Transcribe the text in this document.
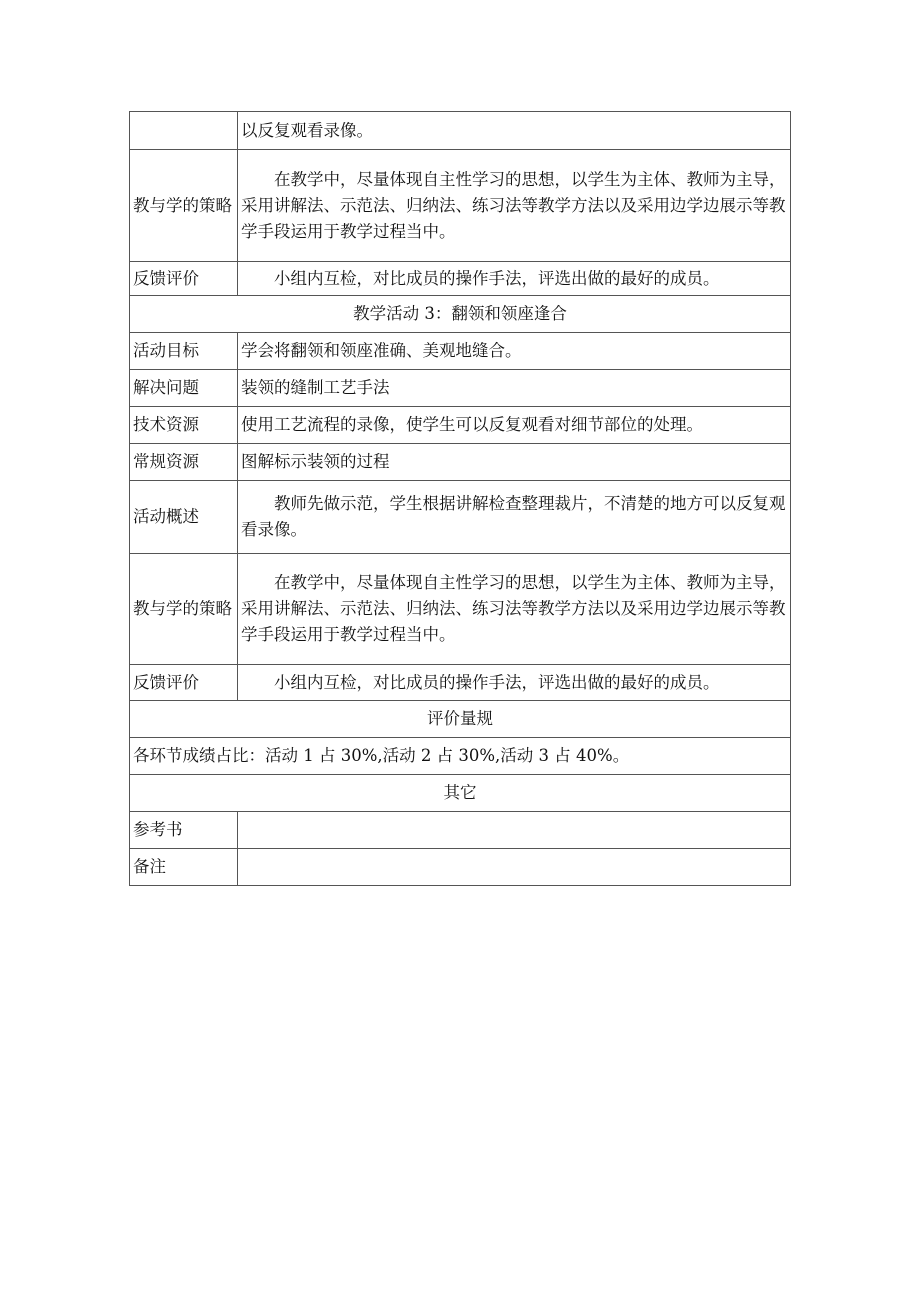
	以反复观看录像。
教与学的策略	在教学中，尽量体现自主性学习的思想，以学生为主体、教师为主导，采用讲解法、示范法、归纳法、练习法等教学方法以及采用边学边展示等教学手段运用于教学过程当中。
反馈评价	小组内互检，对比成员的操作手法，评选出做的最好的成员。
教学活动 3：翻领和领座逢合	
活动目标	学会将翻领和领座准确、美观地缝合。
解决问题	装领的缝制工艺手法
技术资源	使用工艺流程的录像，使学生可以反复观看对细节部位的处理。
常规资源	图解标示装领的过程
活动概述	教师先做示范，学生根据讲解检查整理裁片，不清楚的地方可以反复观看录像。
教与学的策略	在教学中，尽量体现自主性学习的思想，以学生为主体、教师为主导，采用讲解法、示范法、归纳法、练习法等教学方法以及采用边学边展示等教学手段运用于教学过程当中。
反馈评价	小组内互检，对比成员的操作手法，评选出做的最好的成员。
评价量规	
各环节成绩占比：活动 1 占 30%,活动 2 占 30%,活动 3 占 40%。	
其它	
参考书	
备注	
